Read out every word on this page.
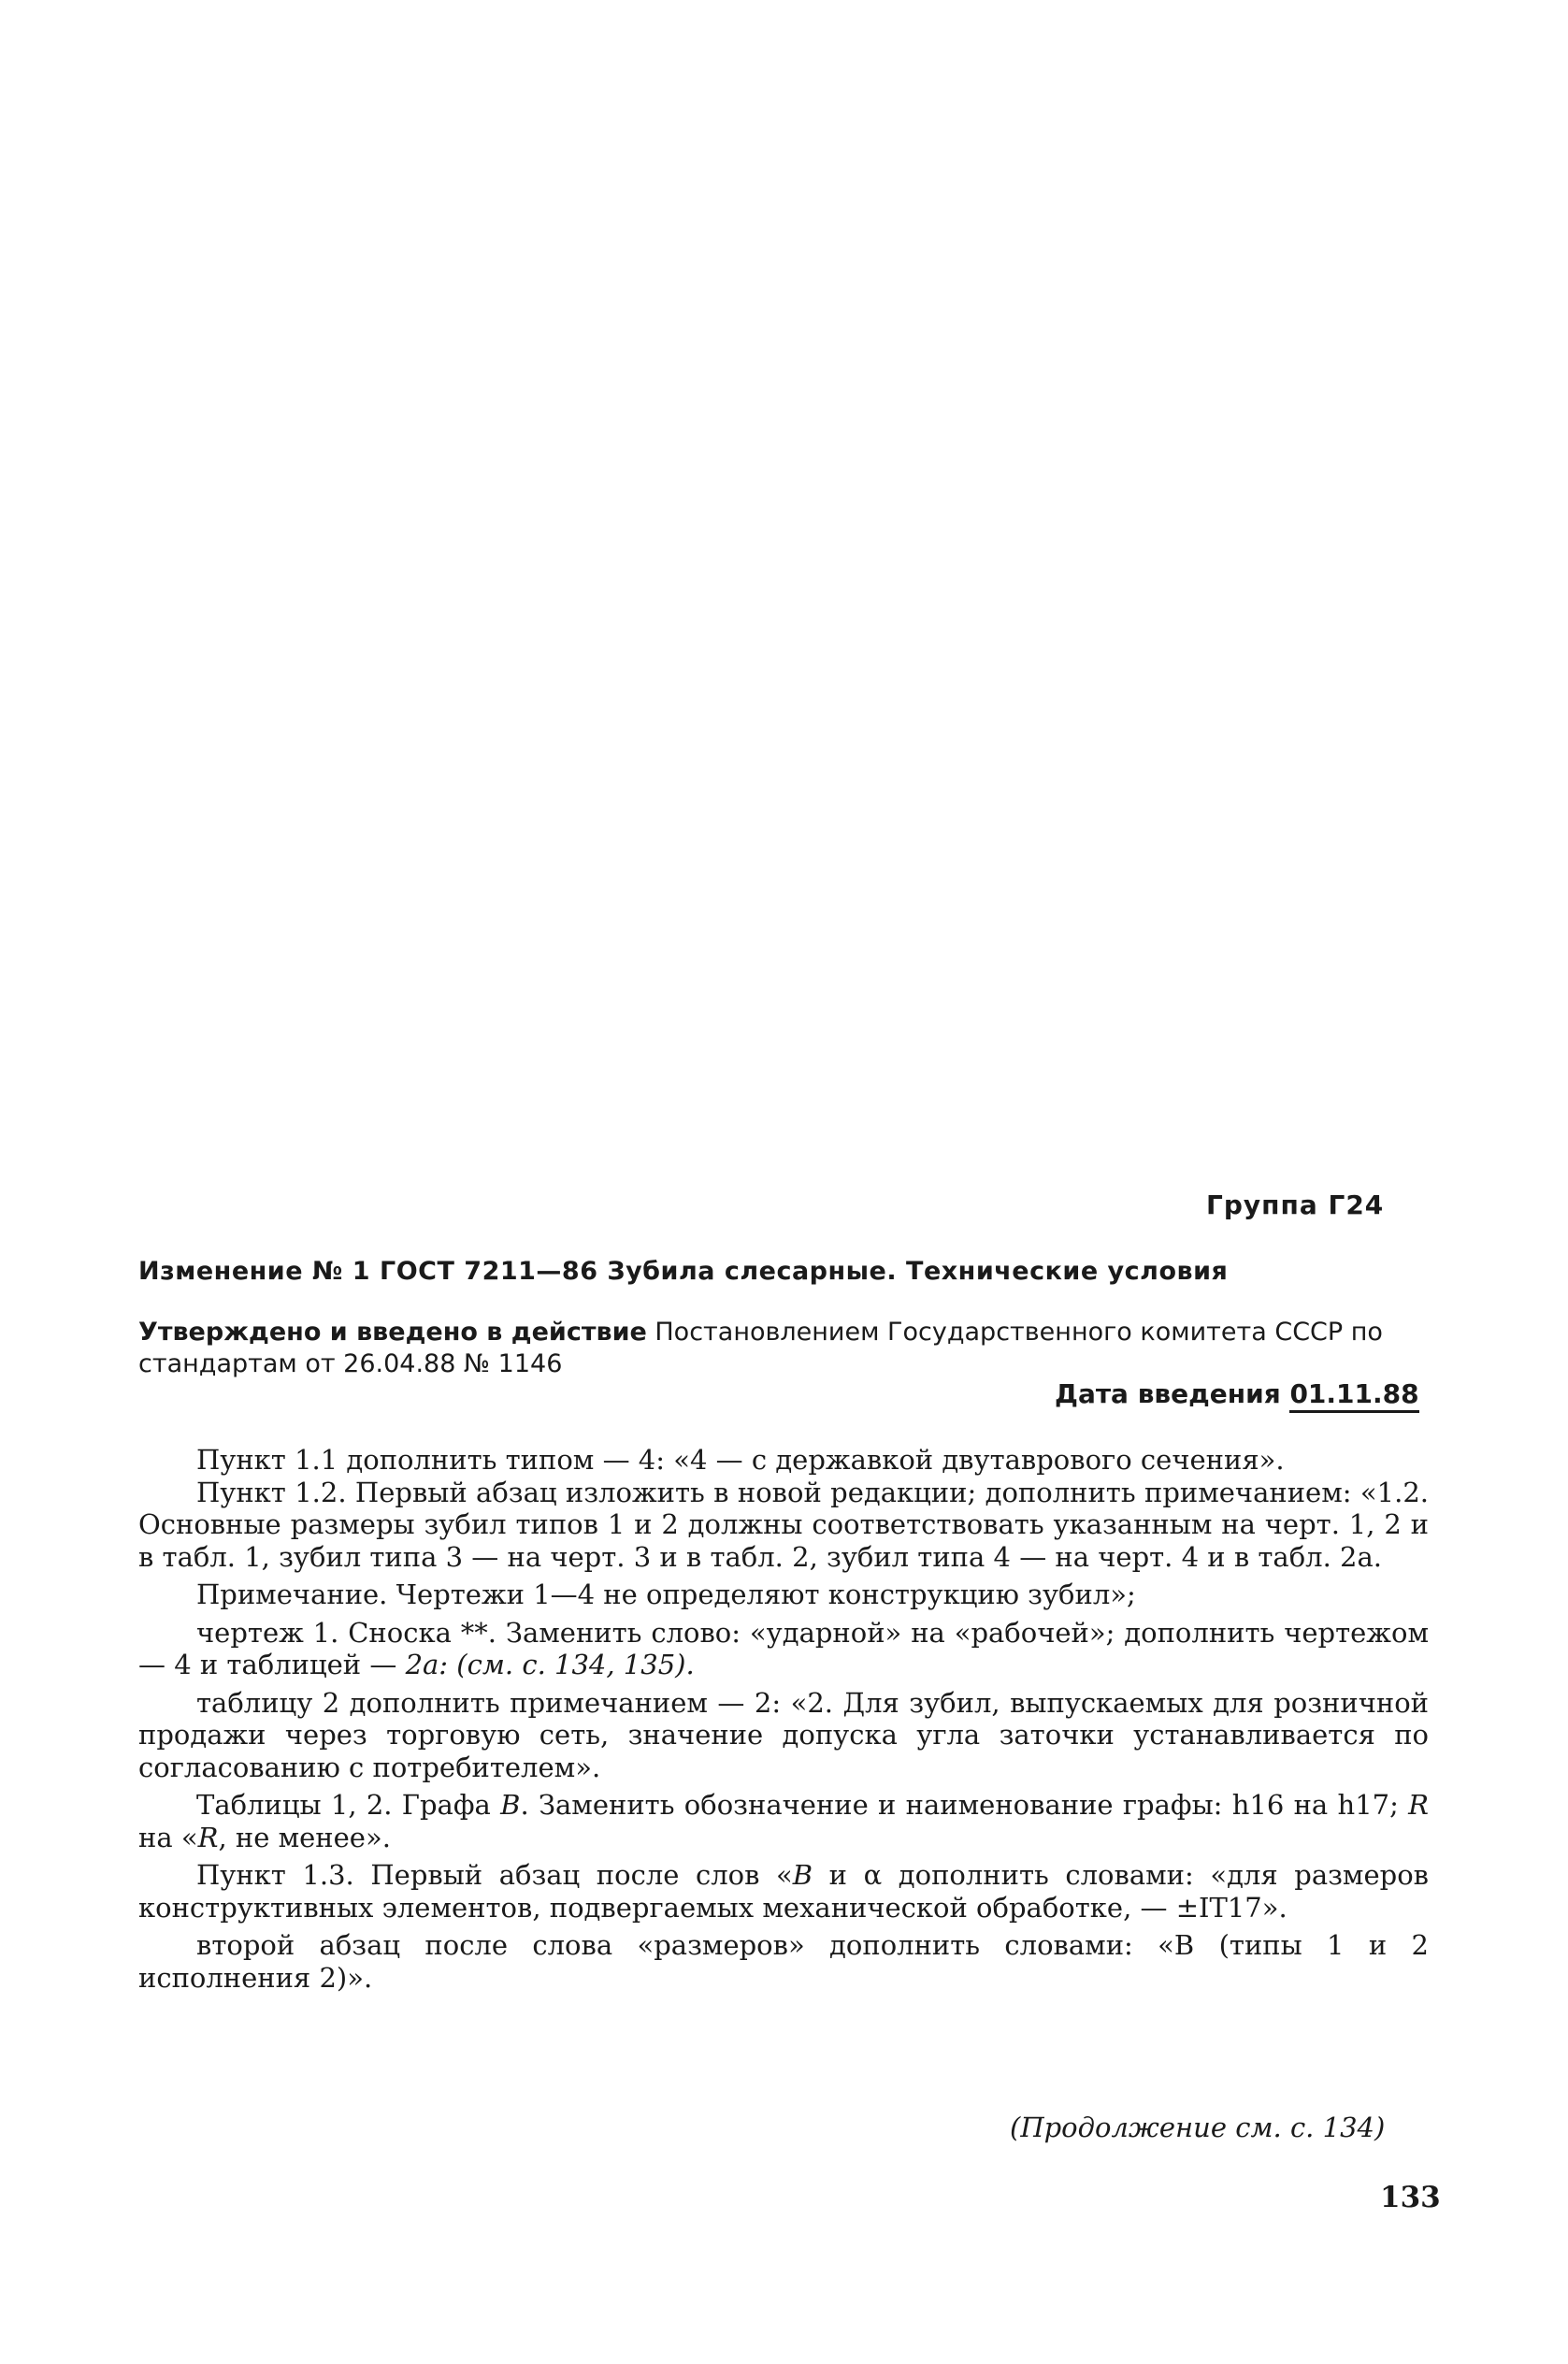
Группа Г24
Изменение № 1 ГОСТ 7211—86 Зубила слесарные. Технические условия
Утверждено и введено в действие Постановлением Государственного комитета СССР по стандартам от 26.04.88 № 1146
Дата введения 01.11.88

Пункт 1.1 дополнить типом — 4: «4 — с державкой двутаврового сечения».

Пункт 1.2. Первый абзац изложить в новой редакции; дополнить примечанием: «1.2. Основные размеры зубил типов 1 и 2 должны соответствовать указанным на черт. 1, 2 и в табл. 1, зубил типа 3 — на черт. 3 и в табл. 2, зубил типа 4 — на черт. 4 и в табл. 2а.

Примечание. Чертежи 1—4 не определяют конструкцию зубил»;

чертеж 1. Сноска **. Заменить слово: «ударной» на «рабочей»; дополнить чертежом — 4 и таблицей — 2а: (см. с. 134, 135).

таблицу 2 дополнить примечанием — 2: «2. Для зубил, выпускаемых для розничной продажи через торговую сеть, значение допуска угла заточки устанавливается по согласованию с потребителем».

Таблицы 1, 2. Графа В. Заменить обозначение и наименование графы: h16 на h17; R на «R, не менее».

Пункт 1.3. Первый абзац после слов «В и α дополнить словами: «для размеров конструктивных элементов, подвергаемых механической обработке, — ±IT17».

второй абзац после слова «размеров» дополнить словами: «В (типы 1 и 2 исполнения 2)».

(Продолжение см. с. 134)
133
